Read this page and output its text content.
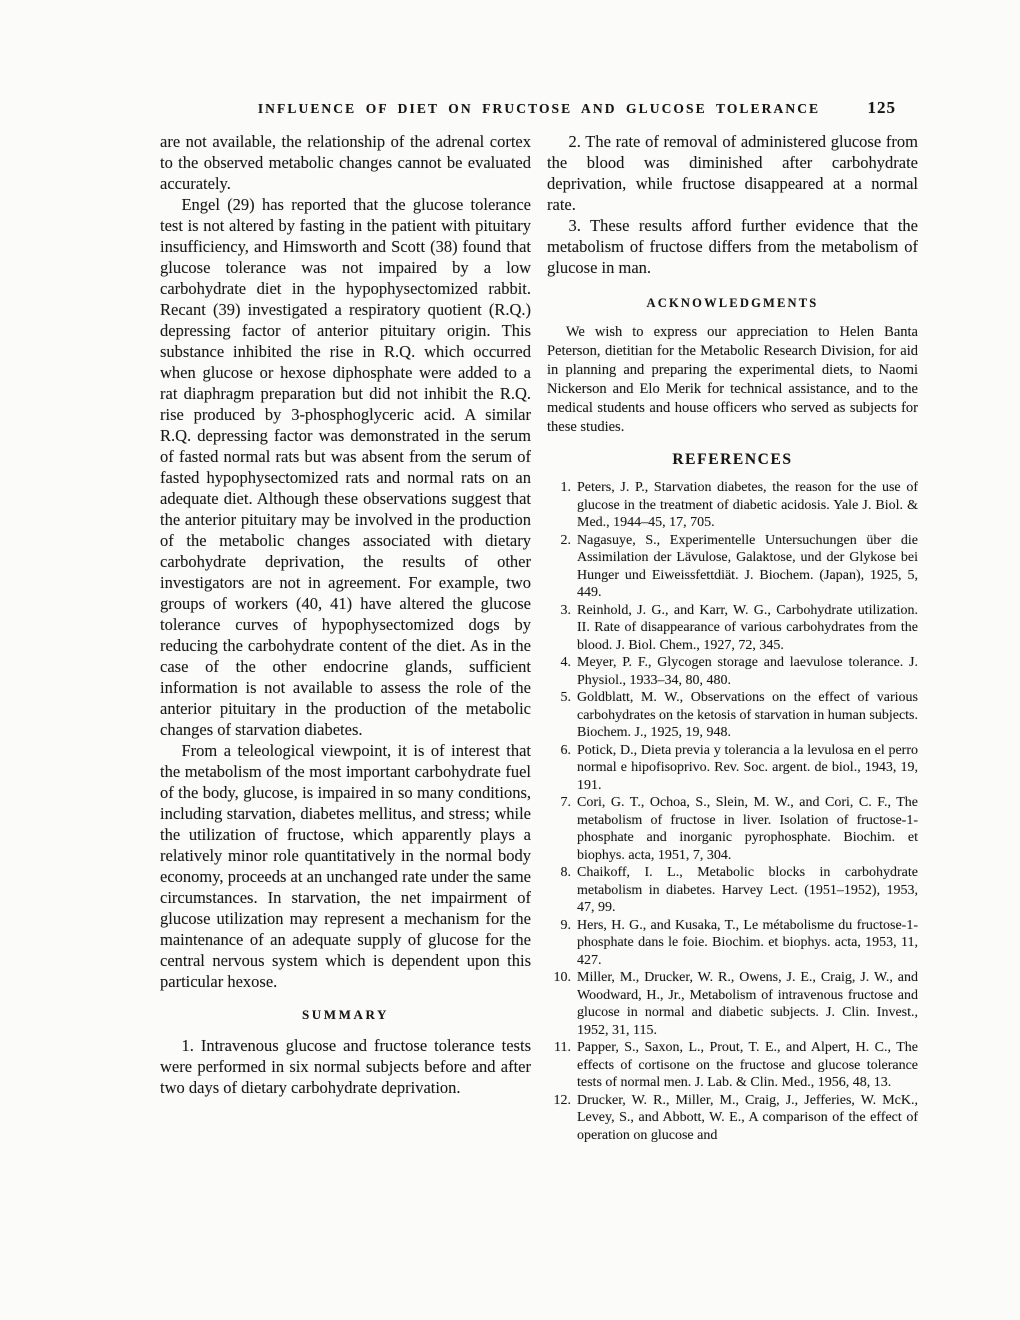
INFLUENCE OF DIET ON FRUCTOSE AND GLUCOSE TOLERANCE	125

are not available, the relationship of the adrenal cortex to the observed metabolic changes cannot be evaluated accurately.

Engel (29) has reported that the glucose tolerance test is not altered by fasting in the patient with pituitary insufficiency, and Himsworth and Scott (38) found that glucose tolerance was not impaired by a low carbohydrate diet in the hypophysectomized rabbit. Recant (39) investigated a respiratory quotient (R.Q.) depressing factor of anterior pituitary origin. This substance inhibited the rise in R.Q. which occurred when glucose or hexose diphosphate were added to a rat diaphragm preparation but did not inhibit the R.Q. rise produced by 3-phosphoglyceric acid. A similar R.Q. depressing factor was demonstrated in the serum of fasted normal rats but was absent from the serum of fasted hypophysectomized rats and normal rats on an adequate diet. Although these observations suggest that the anterior pituitary may be involved in the production of the metabolic changes associated with dietary carbohydrate deprivation, the results of other investigators are not in agreement. For example, two groups of workers (40, 41) have altered the glucose tolerance curves of hypophysectomized dogs by reducing the carbohydrate content of the diet. As in the case of the other endocrine glands, sufficient information is not available to assess the role of the anterior pituitary in the production of the metabolic changes of starvation diabetes.

From a teleological viewpoint, it is of interest that the metabolism of the most important carbohydrate fuel of the body, glucose, is impaired in so many conditions, including starvation, diabetes mellitus, and stress; while the utilization of fructose, which apparently plays a relatively minor role quantitatively in the normal body economy, proceeds at an unchanged rate under the same circumstances. In starvation, the net impairment of glucose utilization may represent a mechanism for the maintenance of an adequate supply of glucose for the central nervous system which is dependent upon this particular hexose.

SUMMARY

1. Intravenous glucose and fructose tolerance tests were performed in six normal subjects before and after two days of dietary carbohydrate deprivation.

2. The rate of removal of administered glucose from the blood was diminished after carbohydrate deprivation, while fructose disappeared at a normal rate.

3. These results afford further evidence that the metabolism of fructose differs from the metabolism of glucose in man.

ACKNOWLEDGMENTS

We wish to express our appreciation to Helen Banta Peterson, dietitian for the Metabolic Research Division, for aid in planning and preparing the experimental diets, to Naomi Nickerson and Elo Merik for technical assistance, and to the medical students and house officers who served as subjects for these studies.

REFERENCES
1. Peters, J. P., Starvation diabetes, the reason for the use of glucose in the treatment of diabetic acidosis. Yale J. Biol. & Med., 1944–45, 17, 705.
2. Nagasuye, S., Experimentelle Untersuchungen über die Assimilation der Lävulose, Galaktose, und der Glykose bei Hunger und Eiweissfettdiät. J. Biochem. (Japan), 1925, 5, 449.
3. Reinhold, J. G., and Karr, W. G., Carbohydrate utilization. II. Rate of disappearance of various carbohydrates from the blood. J. Biol. Chem., 1927, 72, 345.
4. Meyer, P. F., Glycogen storage and laevulose tolerance. J. Physiol., 1933–34, 80, 480.
5. Goldblatt, M. W., Observations on the effect of various carbohydrates on the ketosis of starvation in human subjects. Biochem. J., 1925, 19, 948.
6. Potick, D., Dieta previa y tolerancia a la levulosa en el perro normal e hipofisoprivo. Rev. Soc. argent. de biol., 1943, 19, 191.
7. Cori, G. T., Ochoa, S., Slein, M. W., and Cori, C. F., The metabolism of fructose in liver. Isolation of fructose-1-phosphate and inorganic pyrophosphate. Biochim. et biophys. acta, 1951, 7, 304.
8. Chaikoff, I. L., Metabolic blocks in carbohydrate metabolism in diabetes. Harvey Lect. (1951–1952), 1953, 47, 99.
9. Hers, H. G., and Kusaka, T., Le métabolisme du fructose-1-phosphate dans le foie. Biochim. et biophys. acta, 1953, 11, 427.
10. Miller, M., Drucker, W. R., Owens, J. E., Craig, J. W., and Woodward, H., Jr., Metabolism of intravenous fructose and glucose in normal and diabetic subjects. J. Clin. Invest., 1952, 31, 115.
11. Papper, S., Saxon, L., Prout, T. E., and Alpert, H. C., The effects of cortisone on the fructose and glucose tolerance tests of normal men. J. Lab. & Clin. Med., 1956, 48, 13.
12. Drucker, W. R., Miller, M., Craig, J., Jefferies, W. McK., Levey, S., and Abbott, W. E., A comparison of the effect of operation on glucose and
